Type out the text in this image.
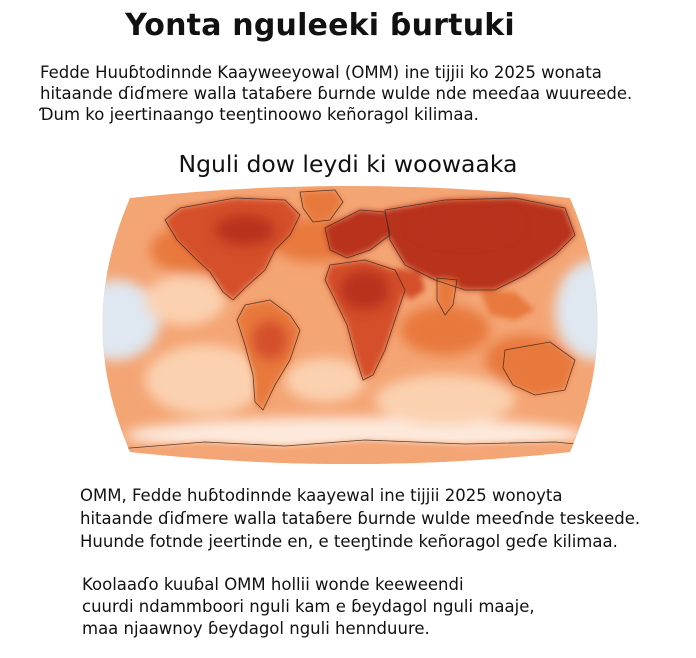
Yonta nguleeki ɓurtuki
Fedde Huuɓtodinnde Kaayweeyowal (OMM) ine tiјјii ko 2025 wonata
hitaande ɗiɗmere walla tataɓere ɓurnde wulde nde meeɗaa wuureede.
Ɗum ko jeertinaango teeŋtinoowo keñoragol kilimaa.
Nguli dow leydi ki woowaaka
OMM, Fedde huɓtodinnde kaayewal ine tiјјii 2025 wonoyta
hitaande ɗiɗmere walla tataɓere ɓurnde wulde meeɗnde teskeede.
Huunde fotnde jeertinde en, e teeŋtinde keñoragol geɗe kilimaa.
Koolaaɗo kuuɓal OMM hollii wonde keeweendi
cuurdi ndammboori nguli kam e ɓeydagol nguli maaje,
maa njaawnoy ɓeydagol nguli hennduure.
